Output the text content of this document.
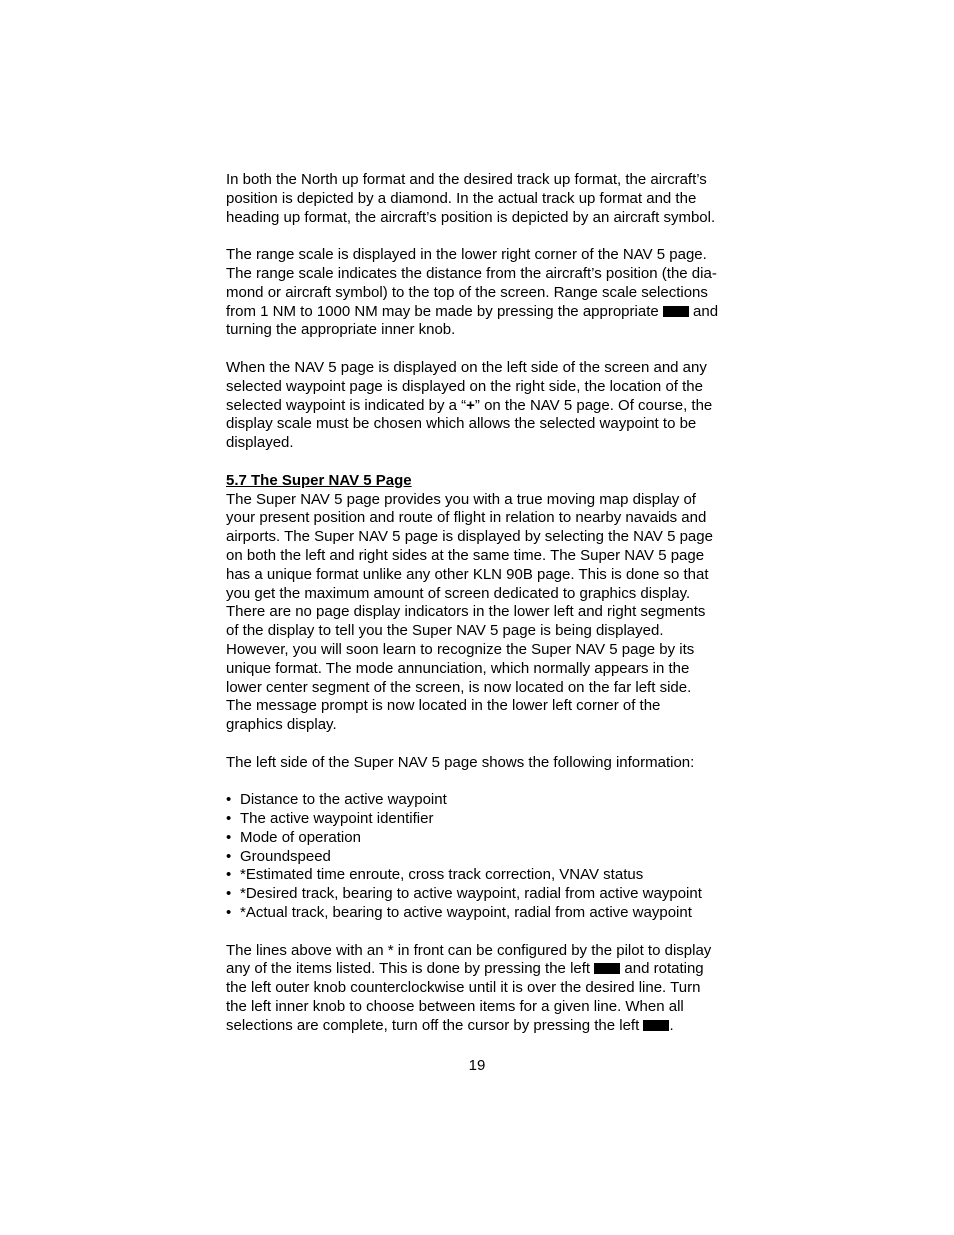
In both the North up format and the desired track up format, the aircraft’s
position is depicted by a diamond. In the actual track up format and the
heading up format, the aircraft’s position is depicted by an aircraft symbol.

The range scale is displayed in the lower right corner of the NAV 5 page.
The range scale indicates the distance from the aircraft’s position (the dia-
mond or aircraft symbol) to the top of the screen. Range scale selections
from 1 NM to 1000 NM may be made by pressing the appropriate  and
turning the appropriate inner knob.

When the NAV 5 page is displayed on the left side of the screen and any
selected waypoint page is displayed on the right side, the location of the
selected waypoint is indicated by a “+” on the NAV 5 page. Of course, the
display scale must be chosen which allows the selected waypoint to be
displayed.

5.7 The Super NAV 5 Page
The Super NAV 5 page provides you with a true moving map display of
your present position and route of flight in relation to nearby navaids and
airports. The Super NAV 5 page is displayed by selecting the NAV 5 page
on both the left and right sides at the same time. The Super NAV 5 page
has a unique format unlike any other KLN 90B page. This is done so that
you get the maximum amount of screen dedicated to graphics display.
There are no page display indicators in the lower left and right segments
of the display to tell you the Super NAV 5 page is being displayed.
However, you will soon learn to recognize the Super NAV 5 page by its
unique format. The mode annunciation, which normally appears in the
lower center segment of the screen, is now located on the far left side.
The message prompt is now located in the lower left corner of the
graphics display.

The left side of the Super NAV 5 page shows the following information:

• Distance to the active waypoint
• The active waypoint identifier
• Mode of operation
• Groundspeed
• *Estimated time enroute, cross track correction, VNAV status
• *Desired track, bearing to active waypoint, radial from active waypoint
• *Actual track, bearing to active waypoint, radial from active waypoint

The lines above with an * in front can be configured by the pilot to display
any of the items listed. This is done by pressing the left  and rotating
the left outer knob counterclockwise until it is over the desired line. Turn
the left inner knob to choose between items for a given line. When all
selections are complete, turn off the cursor by pressing the left .

19
